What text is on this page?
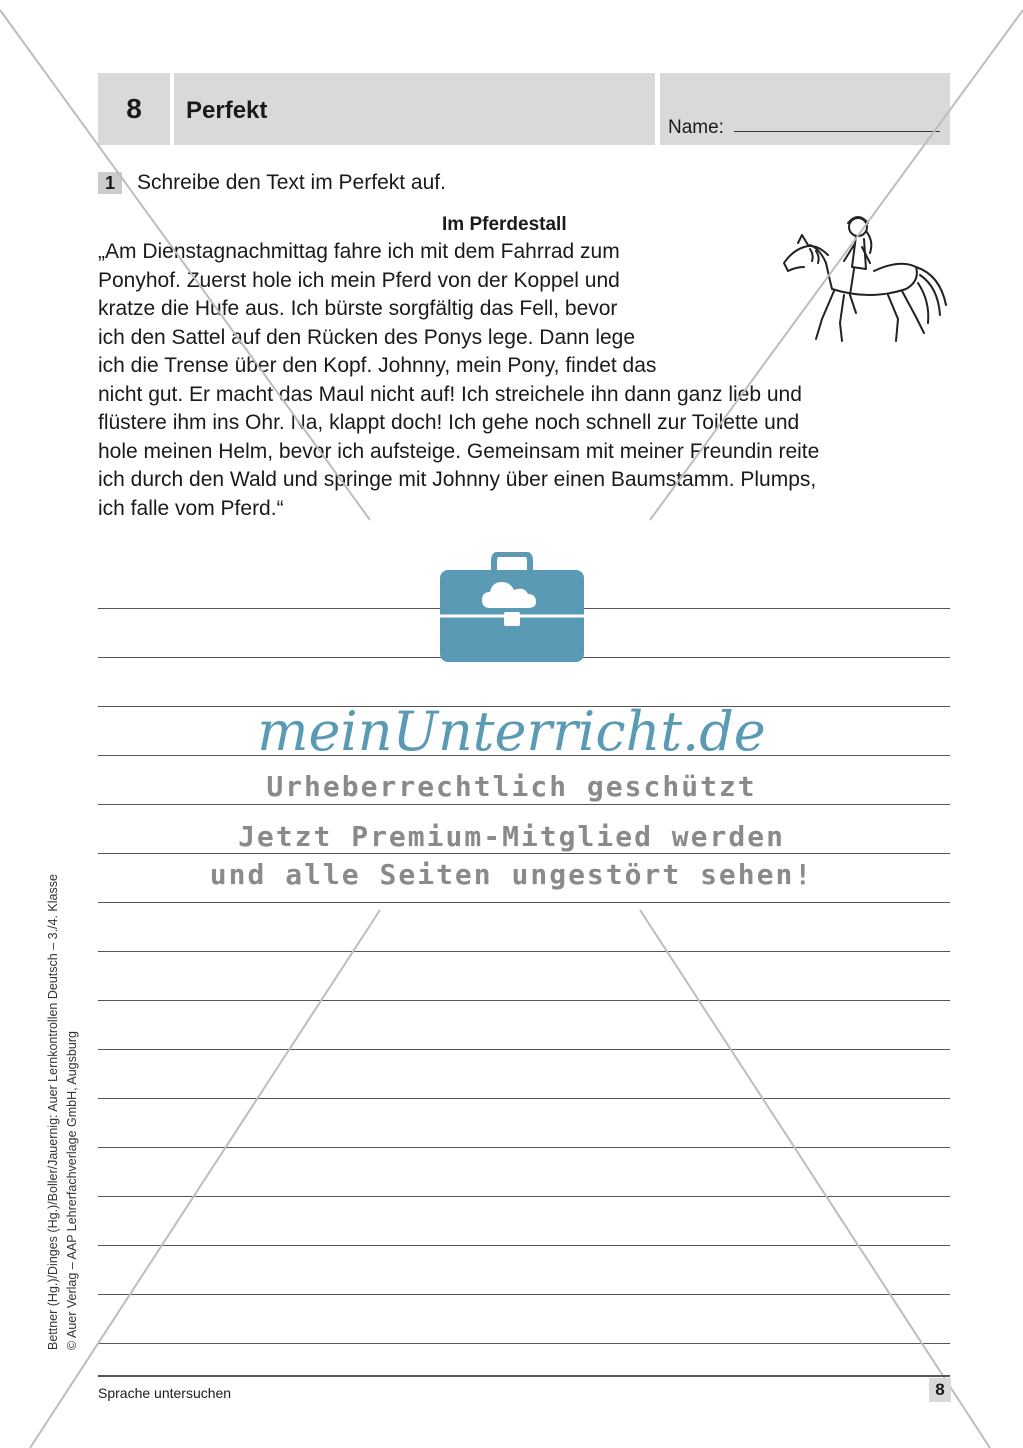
8	Perfekt
Name:
1	Schreibe den Text im Perfekt auf.
Im Pferdestall
„Am Dienstagnachmittag fahre ich mit dem Fahrrad zum
Ponyhof. Zuerst hole ich mein Pferd von der Koppel und
kratze die Hufe aus. Ich bürste sorgfältig das Fell, bevor
ich den Sattel auf den Rücken des Ponys lege. Dann lege
ich die Trense über den Kopf. Johnny, mein Pony, findet das
nicht gut. Er macht das Maul nicht auf! Ich streichele ihn dann ganz lieb und
flüstere ihm ins Ohr. Na, klappt doch! Ich gehe noch schnell zur Toilette und
hole meinen Helm, bevor ich aufsteige. Gemeinsam mit meiner Freundin reite
ich durch den Wald und springe mit Johnny über einen Baumstamm. Plumps,
ich falle vom Pferd.“
meinUnterricht.de
Urheberrechtlich geschützt
Jetzt Premium-Mitglied werden
und alle Seiten ungestört sehen!
Bettner (Hg.)/Dinges (Hg.)/Boller/Jauernig: Auer Lernkontrollen Deutsch – 3./4. Klasse © Auer Verlag – AAP Lehrerfachverlage GmbH, Augsburg
Sprache untersuchen	8
